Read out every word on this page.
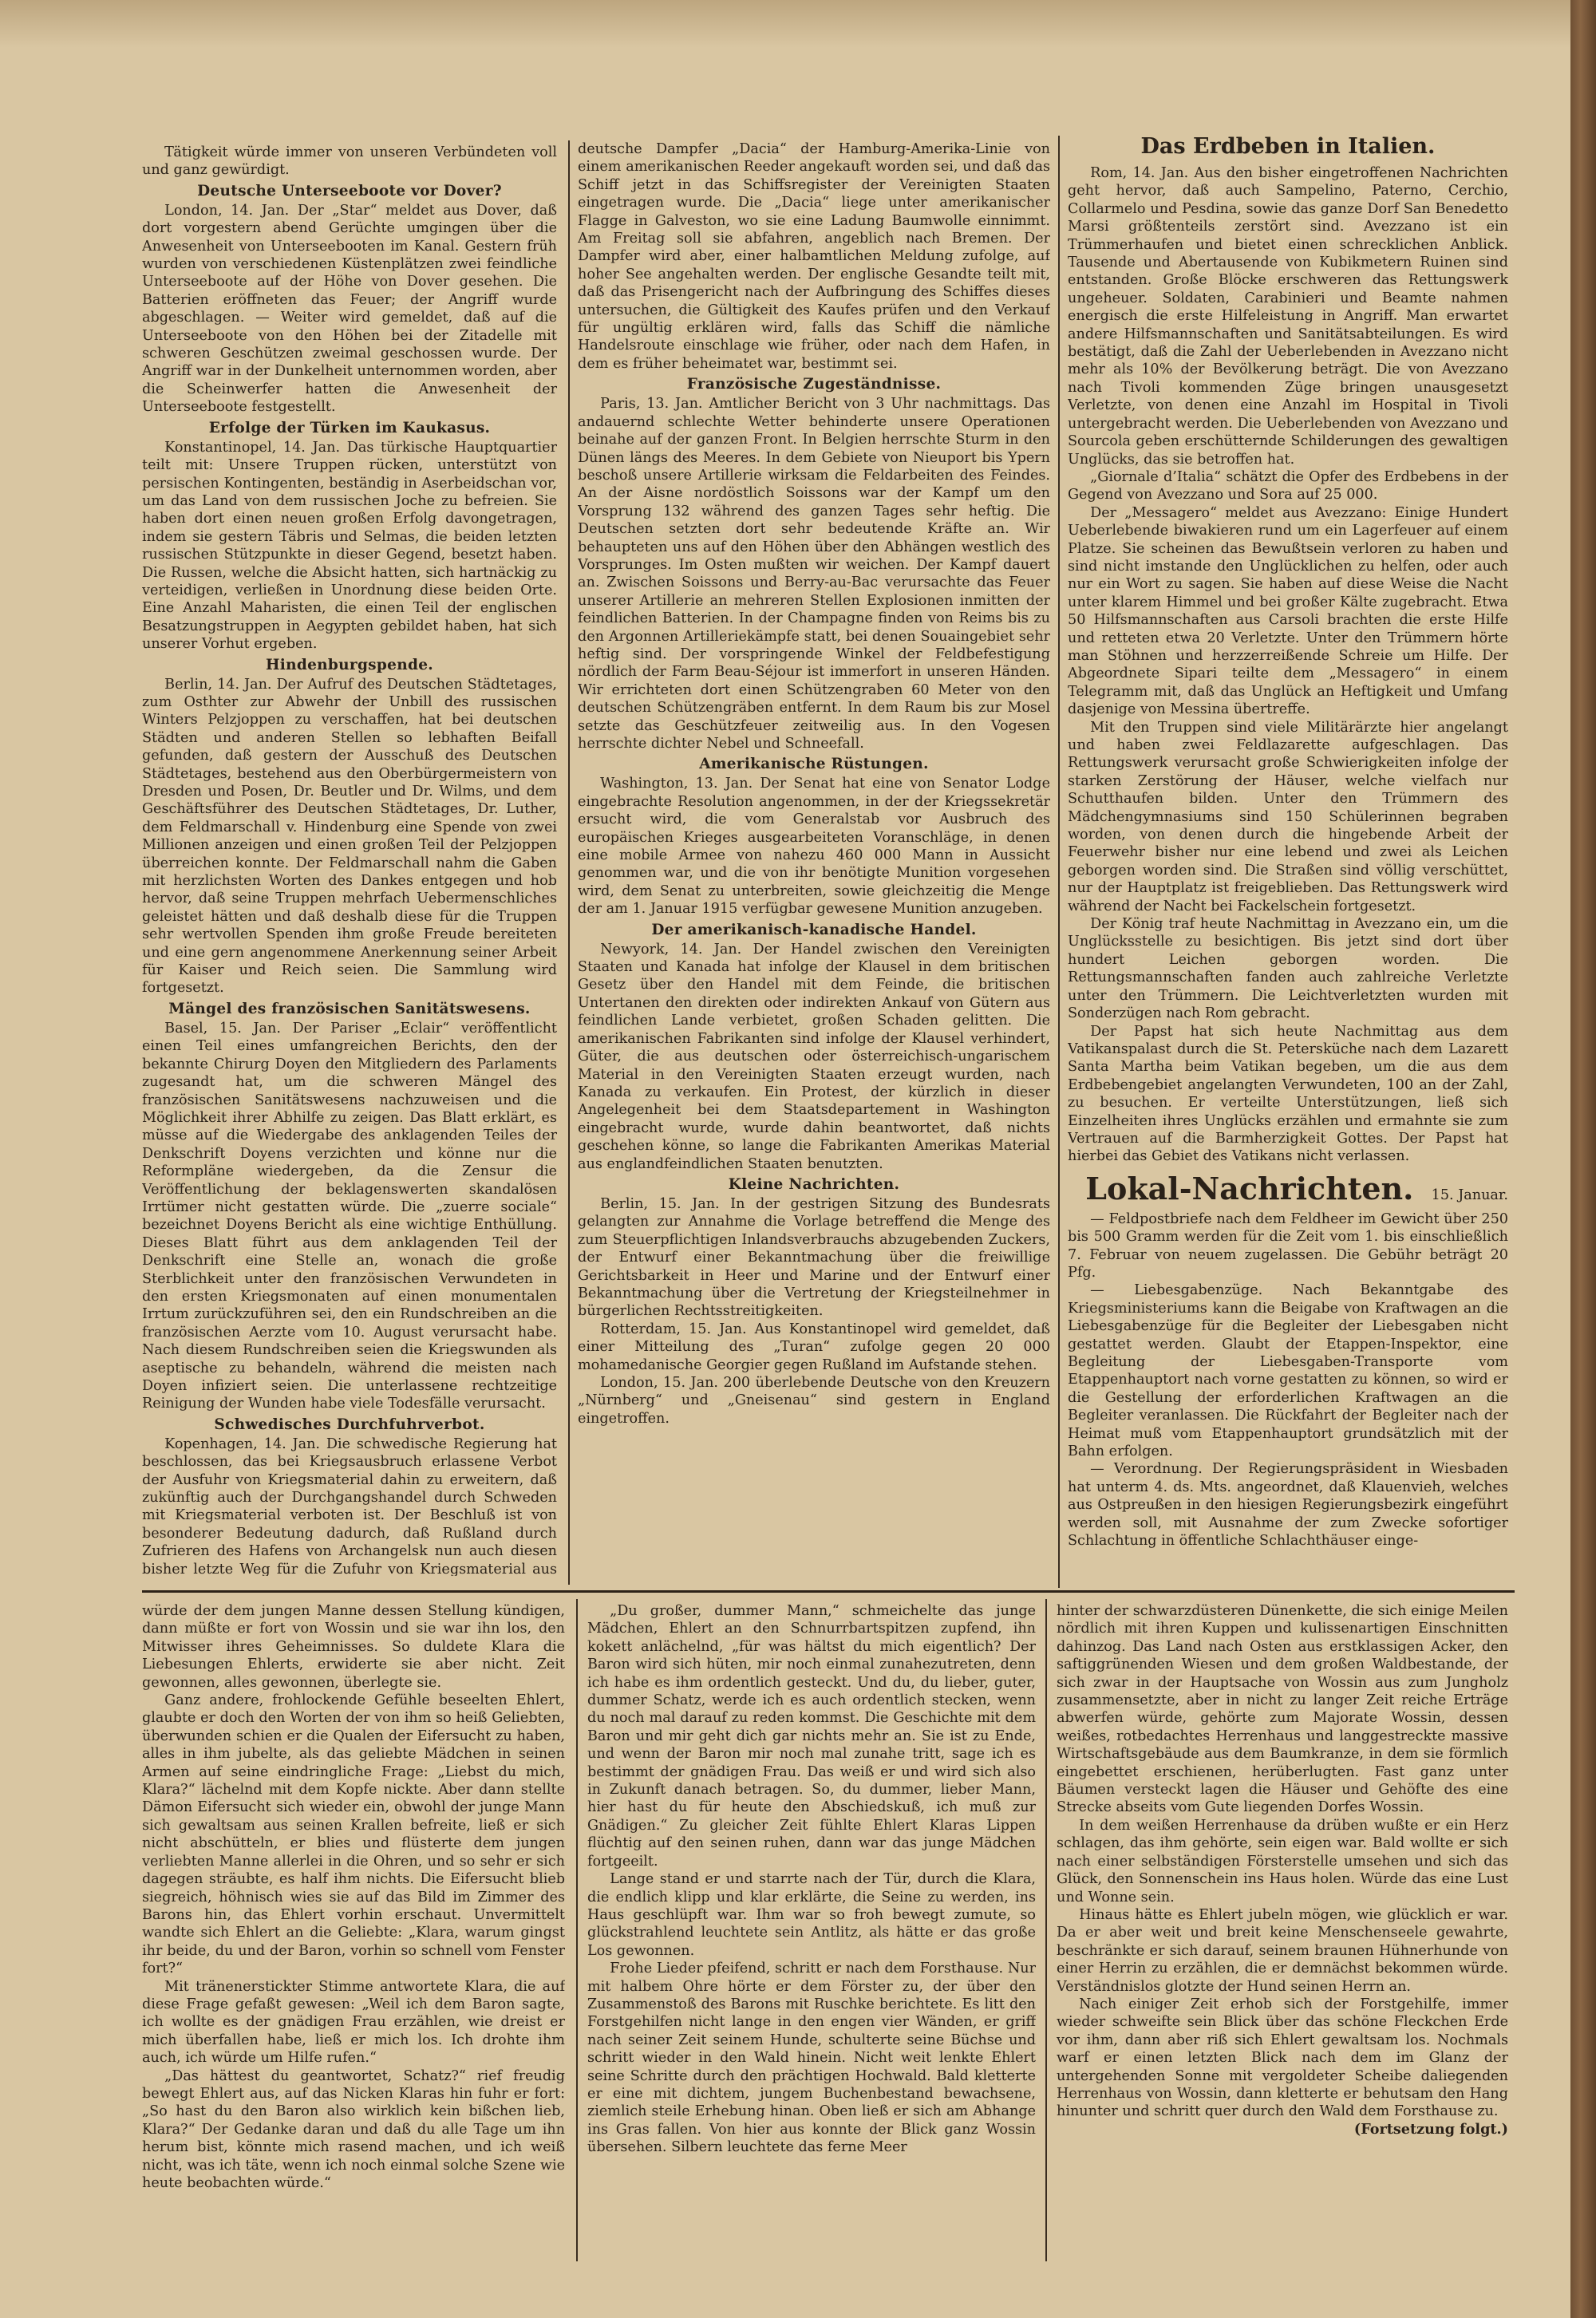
Tätigkeit würde immer von unseren Verbündeten voll und ganz gewürdigt.

Deutsche Unterseeboote vor Dover?

London, 14. Jan. Der „Star“ meldet aus Dover, daß dort vorgestern abend Gerüchte umgingen über die Anwesenheit von Unterseebooten im Kanal. Gestern früh wurden von verschiedenen Küstenplätzen zwei feindliche Unterseeboote auf der Höhe von Dover gesehen. Die Batterien eröffneten das Feuer; der Angriff wurde abgeschlagen. — Weiter wird gemeldet, daß auf die Unterseeboote von den Höhen bei der Zitadelle mit schweren Geschützen zweimal geschossen wurde. Der Angriff war in der Dunkelheit unternommen worden, aber die Scheinwerfer hatten die Anwesenheit der Unterseeboote festgestellt.

Erfolge der Türken im Kaukasus.

Konstantinopel, 14. Jan. Das türkische Hauptquartier teilt mit: Unsere Truppen rücken, unterstützt von persischen Kontingenten, beständig in Aserbeidschan vor, um das Land von dem russischen Joche zu befreien. Sie haben dort einen neuen großen Erfolg davongetragen, indem sie gestern Täbris und Selmas, die beiden letzten russischen Stützpunkte in dieser Gegend, besetzt haben. Die Russen, welche die Absicht hatten, sich hartnäckig zu verteidigen, verließen in Unordnung diese beiden Orte. Eine Anzahl Maharisten, die einen Teil der englischen Besatzungstruppen in Aegypten gebildet haben, hat sich unserer Vorhut ergeben.

Hindenburgspende.

Berlin, 14. Jan. Der Aufruf des Deutschen Städtetages, zum Osthter zur Abwehr der Unbill des russischen Winters Pelzjoppen zu verschaffen, hat bei deutschen Städten und anderen Stellen so lebhaften Beifall gefunden, daß gestern der Ausschuß des Deutschen Städtetages, bestehend aus den Oberbürgermeistern von Dresden und Posen, Dr. Beutler und Dr. Wilms, und dem Geschäftsführer des Deutschen Städtetages, Dr. Luther, dem Feldmarschall v. Hindenburg eine Spende von zwei Millionen anzeigen und einen großen Teil der Pelzjoppen überreichen konnte. Der Feldmarschall nahm die Gaben mit herzlichsten Worten des Dankes entgegen und hob hervor, daß seine Truppen mehrfach Uebermenschliches geleistet hätten und daß deshalb diese für die Truppen sehr wertvollen Spenden ihm große Freude bereiteten und eine gern angenommene Anerkennung seiner Arbeit für Kaiser und Reich seien. Die Sammlung wird fortgesetzt.

Mängel des französischen Sanitätswesens.

Basel, 15. Jan. Der Pariser „Eclair“ veröffentlicht einen Teil eines umfangreichen Berichts, den der bekannte Chirurg Doyen den Mitgliedern des Parlaments zugesandt hat, um die schweren Mängel des französischen Sanitätswesens nachzuweisen und die Möglichkeit ihrer Abhilfe zu zeigen. Das Blatt erklärt, es müsse auf die Wiedergabe des anklagenden Teiles der Denkschrift Doyens verzichten und könne nur die Reformpläne wiedergeben, da die Zensur die Veröffentlichung der beklagenswerten skandalösen Irrtümer nicht gestatten würde. Die „zuerre sociale“ bezeichnet Doyens Bericht als eine wichtige Enthüllung. Dieses Blatt führt aus dem anklagenden Teil der Denkschrift eine Stelle an, wonach die große Sterblichkeit unter den französischen Verwundeten in den ersten Kriegsmonaten auf einen monumentalen Irrtum zurückzuführen sei, den ein Rundschreiben an die französischen Aerzte vom 10. August verursacht habe. Nach diesem Rundschreiben seien die Kriegswunden als aseptische zu behandeln, während die meisten nach Doyen infiziert seien. Die unterlassene rechtzeitige Reinigung der Wunden habe viele Todesfälle verursacht.

Schwedisches Durchfuhrverbot.

Kopenhagen, 14. Jan. Die schwedische Regierung hat beschlossen, das bei Kriegsausbruch erlassene Verbot der Ausfuhr von Kriegsmaterial dahin zu erweitern, daß zukünftig auch der Durchgangshandel durch Schweden mit Kriegsmaterial verboten ist. Der Beschluß ist von besonderer Bedeutung dadurch, daß Rußland durch Zufrieren des Hafens von Archangelsk nun auch diesen bisher letzte Weg für die Zufuhr von Kriegsmaterial aus

deutsche Dampfer „Dacia“ der Hamburg-Amerika-Linie von einem amerikanischen Reeder angekauft worden sei, und daß das Schiff jetzt in das Schiffsregister der Vereinigten Staaten eingetragen wurde. Die „Dacia“ liege unter amerikanischer Flagge in Galveston, wo sie eine Ladung Baumwolle einnimmt. Am Freitag soll sie abfahren, angeblich nach Bremen. Der Dampfer wird aber, einer halbamtlichen Meldung zufolge, auf hoher See angehalten werden. Der englische Gesandte teilt mit, daß das Prisengericht nach der Aufbringung des Schiffes dieses untersuchen, die Gültigkeit des Kaufes prüfen und den Verkauf für ungültig erklären wird, falls das Schiff die nämliche Handelsroute einschlage wie früher, oder nach dem Hafen, in dem es früher beheimatet war, bestimmt sei.

Französische Zugeständnisse.

Paris, 13. Jan. Amtlicher Bericht von 3 Uhr nachmittags. Das andauernd schlechte Wetter behinderte unsere Operationen beinahe auf der ganzen Front. In Belgien herrschte Sturm in den Dünen längs des Meeres. In dem Gebiete von Nieuport bis Ypern beschoß unsere Artillerie wirksam die Feldarbeiten des Feindes. An der Aisne nordöstlich Soissons war der Kampf um den Vorsprung 132 während des ganzen Tages sehr heftig. Die Deutschen setzten dort sehr bedeutende Kräfte an. Wir behaupteten uns auf den Höhen über den Abhängen westlich des Vorsprunges. Im Osten mußten wir weichen. Der Kampf dauert an. Zwischen Soissons und Berry-au-Bac verursachte das Feuer unserer Artillerie an mehreren Stellen Explosionen inmitten der feindlichen Batterien. In der Champagne finden von Reims bis zu den Argonnen Artilleriekämpfe statt, bei denen Souaingebiet sehr heftig sind. Der vorspringende Winkel der Feldbefestigung nördlich der Farm Beau-Séjour ist immerfort in unseren Händen. Wir errichteten dort einen Schützengraben 60 Meter von den deutschen Schützengräben entfernt. In dem Raum bis zur Mosel setzte das Geschützfeuer zeitweilig aus. In den Vogesen herrschte dichter Nebel und Schneefall.

Amerikanische Rüstungen.

Washington, 13. Jan. Der Senat hat eine von Senator Lodge eingebrachte Resolution angenommen, in der der Kriegssekretär ersucht wird, die vom Generalstab vor Ausbruch des europäischen Krieges ausgearbeiteten Voranschläge, in denen eine mobile Armee von nahezu 460 000 Mann in Aussicht genommen war, und die von ihr benötigte Munition vorgesehen wird, dem Senat zu unterbreiten, sowie gleichzeitig die Menge der am 1. Januar 1915 verfügbar gewesene Munition anzugeben.

Der amerikanisch-kanadische Handel.

Newyork, 14. Jan. Der Handel zwischen den Vereinigten Staaten und Kanada hat infolge der Klausel in dem britischen Gesetz über den Handel mit dem Feinde, die britischen Untertanen den direkten oder indirekten Ankauf von Gütern aus feindlichen Lande verbietet, großen Schaden gelitten. Die amerikanischen Fabrikanten sind infolge der Klausel verhindert, Güter, die aus deutschen oder österreichisch-ungarischem Material in den Vereinigten Staaten erzeugt wurden, nach Kanada zu verkaufen. Ein Protest, der kürzlich in dieser Angelegenheit bei dem Staatsdepartement in Washington eingebracht wurde, wurde dahin beantwortet, daß nichts geschehen könne, so lange die Fabrikanten Amerikas Material aus englandfeindlichen Staaten benutzten.

Kleine Nachrichten.

Berlin, 15. Jan. In der gestrigen Sitzung des Bundesrats gelangten zur Annahme die Vorlage betreffend die Menge des zum Steuerpflichtigen Inlandsverbrauchs abzugebenden Zuckers, der Entwurf einer Bekanntmachung über die freiwillige Gerichtsbarkeit in Heer und Marine und der Entwurf einer Bekanntmachung über die Vertretung der Kriegsteilnehmer in bürgerlichen Rechtsstreitigkeiten.

Rotterdam, 15. Jan. Aus Konstantinopel wird gemeldet, daß einer Mitteilung des „Turan“ zufolge gegen 20 000 mohamedanische Georgier gegen Rußland im Aufstande stehen.

London, 15. Jan. 200 überlebende Deutsche von den Kreuzern „Nürnberg“ und „Gneisenau“ sind gestern in England eingetroffen.

Das Erdbeben in Italien.

Rom, 14. Jan. Aus den bisher eingetroffenen Nachrichten geht hervor, daß auch Sampelino, Paterno, Cerchio, Collarmelo und Pesdina, sowie das ganze Dorf San Benedetto Marsi größtenteils zerstört sind. Avezzano ist ein Trümmerhaufen und bietet einen schrecklichen Anblick. Tausende und Abertausende von Kubikmetern Ruinen sind entstanden. Große Blöcke erschweren das Rettungswerk ungeheuer. Soldaten, Carabinieri und Beamte nahmen energisch die erste Hilfeleistung in Angriff. Man erwartet andere Hilfsmannschaften und Sanitätsabteilungen. Es wird bestätigt, daß die Zahl der Ueberlebenden in Avezzano nicht mehr als 10% der Bevölkerung beträgt. Die von Avezzano nach Tivoli kommenden Züge bringen unausgesetzt Verletzte, von denen eine Anzahl im Hospital in Tivoli untergebracht werden. Die Ueberlebenden von Avezzano und Sourcola geben erschütternde Schilderungen des gewaltigen Unglücks, das sie betroffen hat.

„Giornale d’Italia“ schätzt die Opfer des Erdbebens in der Gegend von Avezzano und Sora auf 25 000.

Der „Messagero“ meldet aus Avezzano: Einige Hundert Ueberlebende biwakieren rund um ein Lagerfeuer auf einem Platze. Sie scheinen das Bewußtsein verloren zu haben und sind nicht imstande den Unglücklichen zu helfen, oder auch nur ein Wort zu sagen. Sie haben auf diese Weise die Nacht unter klarem Himmel und bei großer Kälte zugebracht. Etwa 50 Hilfsmannschaften aus Carsoli brachten die erste Hilfe und retteten etwa 20 Verletzte. Unter den Trümmern hörte man Stöhnen und herzzerreißende Schreie um Hilfe. Der Abgeordnete Sipari teilte dem „Messagero“ in einem Telegramm mit, daß das Unglück an Heftigkeit und Umfang dasjenige von Messina übertreffe.

Mit den Truppen sind viele Militärärzte hier angelangt und haben zwei Feldlazarette aufgeschlagen. Das Rettungswerk verursacht große Schwierigkeiten infolge der starken Zerstörung der Häuser, welche vielfach nur Schutthaufen bilden. Unter den Trümmern des Mädchengymnasiums sind 150 Schülerinnen begraben worden, von denen durch die hingebende Arbeit der Feuerwehr bisher nur eine lebend und zwei als Leichen geborgen worden sind. Die Straßen sind völlig verschüttet, nur der Hauptplatz ist freigeblieben. Das Rettungswerk wird während der Nacht bei Fackelschein fortgesetzt.

Der König traf heute Nachmittag in Avezzano ein, um die Unglücksstelle zu besichtigen. Bis jetzt sind dort über hundert Leichen geborgen worden. Die Rettungsmannschaften fanden auch zahlreiche Verletzte unter den Trümmern. Die Leichtverletzten wurden mit Sonderzügen nach Rom gebracht.

Der Papst hat sich heute Nachmittag aus dem Vatikanspalast durch die St. Petersküche nach dem Lazarett Santa Martha beim Vatikan begeben, um die aus dem Erdbebengebiet angelangten Verwundeten, 100 an der Zahl, zu besuchen. Er verteilte Unterstützungen, ließ sich Einzelheiten ihres Unglücks erzählen und ermahnte sie zum Vertrauen auf die Barmherzigkeit Gottes. Der Papst hat hierbei das Gebiet des Vatikans nicht verlassen.

Lokal-Nachrichten.	15. Januar.

— Feldpostbriefe nach dem Feldheer im Gewicht über 250 bis 500 Gramm werden für die Zeit vom 1. bis einschließlich 7. Februar von neuem zugelassen. Die Gebühr beträgt 20 Pfg.

— Liebesgabenzüge. Nach Bekanntgabe des Kriegsministeriums kann die Beigabe von Kraftwagen an die Liebesgabenzüge für die Begleiter der Liebesgaben nicht gestattet werden. Glaubt der Etappen-Inspektor, eine Begleitung der Liebesgaben-Transporte vom Etappenhauptort nach vorne gestatten zu können, so wird er die Gestellung der erforderlichen Kraftwagen an die Begleiter veranlassen. Die Rückfahrt der Begleiter nach der Heimat muß vom Etappenhauptort grundsätzlich mit der Bahn erfolgen.

— Verordnung. Der Regierungspräsident in Wiesbaden hat unterm 4. ds. Mts. angeordnet, daß Klauenvieh, welches aus Ostpreußen in den hiesigen Regierungsbezirk eingeführt werden soll, mit Ausnahme der zum Zwecke sofortiger Schlachtung in öffentliche Schlachthäuser einge-

würde der dem jungen Manne dessen Stellung kündigen, dann müßte er fort von Wossin und sie war ihn los, den Mitwisser ihres Geheimnisses. So duldete Klara die Liebesungen Ehlerts, erwiderte sie aber nicht. Zeit gewonnen, alles gewonnen, überlegte sie.

Ganz andere, frohlockende Gefühle beseelten Ehlert, glaubte er doch den Worten der von ihm so heiß Geliebten, überwunden schien er die Qualen der Eifersucht zu haben, alles in ihm jubelte, als das geliebte Mädchen in seinen Armen auf seine eindringliche Frage: „Liebst du mich, Klara?“ lächelnd mit dem Kopfe nickte. Aber dann stellte Dämon Eifersucht sich wieder ein, obwohl der junge Mann sich gewaltsam aus seinen Krallen befreite, ließ er sich nicht abschütteln, er blies und flüsterte dem jungen verliebten Manne allerlei in die Ohren, und so sehr er sich dagegen sträubte, es half ihm nichts. Die Eifersucht blieb siegreich, höhnisch wies sie auf das Bild im Zimmer des Barons hin, das Ehlert vorhin erschaut. Unvermittelt wandte sich Ehlert an die Geliebte: „Klara, warum gingst ihr beide, du und der Baron, vorhin so schnell vom Fenster fort?“

Mit tränenerstickter Stimme antwortete Klara, die auf diese Frage gefaßt gewesen: „Weil ich dem Baron sagte, ich wollte es der gnädigen Frau erzählen, wie dreist er mich überfallen habe, ließ er mich los. Ich drohte ihm auch, ich würde um Hilfe rufen.“

„Das hättest du geantwortet, Schatz?“ rief freudig bewegt Ehlert aus, auf das Nicken Klaras hin fuhr er fort: „So hast du den Baron also wirklich kein bißchen lieb, Klara?“ Der Gedanke daran und daß du alle Tage um ihn herum bist, könnte mich rasend machen, und ich weiß nicht, was ich täte, wenn ich noch einmal solche Szene wie heute beobachten würde.“

„Du großer, dummer Mann,“ schmeichelte das junge Mädchen, Ehlert an den Schnurrbartspitzen zupfend, ihn kokett anlächelnd, „für was hältst du mich eigentlich? Der Baron wird sich hüten, mir noch einmal zunahezutreten, denn ich habe es ihm ordentlich gesteckt. Und du, du lieber, guter, dummer Schatz, werde ich es auch ordentlich stecken, wenn du noch mal darauf zu reden kommst. Die Geschichte mit dem Baron und mir geht dich gar nichts mehr an. Sie ist zu Ende, und wenn der Baron mir noch mal zunahe tritt, sage ich es bestimmt der gnädigen Frau. Das weiß er und wird sich also in Zukunft danach betragen. So, du dummer, lieber Mann, hier hast du für heute den Abschiedskuß, ich muß zur Gnädigen.“ Zu gleicher Zeit fühlte Ehlert Klaras Lippen flüchtig auf den seinen ruhen, dann war das junge Mädchen fortgeeilt.

Lange stand er und starrte nach der Tür, durch die Klara, die endlich klipp und klar erklärte, die Seine zu werden, ins Haus geschlüpft war. Ihm war so froh bewegt zumute, so glückstrahlend leuchtete sein Antlitz, als hätte er das große Los gewonnen.

Frohe Lieder pfeifend, schritt er nach dem Forsthause. Nur mit halbem Ohre hörte er dem Förster zu, der über den Zusammenstoß des Barons mit Ruschke berichtete. Es litt den Forstgehilfen nicht lange in den engen vier Wänden, er griff nach seiner Zeit seinem Hunde, schulterte seine Büchse und schritt wieder in den Wald hinein. Nicht weit lenkte Ehlert seine Schritte durch den prächtigen Hochwald. Bald kletterte er eine mit dichtem, jungem Buchenbestand bewachsene, ziemlich steile Erhebung hinan. Oben ließ er sich am Abhange ins Gras fallen. Von hier aus konnte der Blick ganz Wossin übersehen. Silbern leuchtete das ferne Meer

hinter der schwarzdüsteren Dünenkette, die sich einige Meilen nördlich mit ihren Kuppen und kulissenartigen Einschnitten dahinzog. Das Land nach Osten aus erstklassigen Acker, den saftiggrünenden Wiesen und dem großen Waldbestande, der sich zwar in der Hauptsache von Wossin aus zum Jungholz zusammensetzte, aber in nicht zu langer Zeit reiche Erträge abwerfen würde, gehörte zum Majorate Wossin, dessen weißes, rotbedachtes Herrenhaus und langgestreckte massive Wirtschaftsgebäude aus dem Baumkranze, in dem sie förmlich eingebettet erschienen, herüberlugten. Fast ganz unter Bäumen versteckt lagen die Häuser und Gehöfte des eine Strecke abseits vom Gute liegenden Dorfes Wossin.

In dem weißen Herrenhause da drüben wußte er ein Herz schlagen, das ihm gehörte, sein eigen war. Bald wollte er sich nach einer selbständigen Försterstelle umsehen und sich das Glück, den Sonnenschein ins Haus holen. Würde das eine Lust und Wonne sein.

Hinaus hätte es Ehlert jubeln mögen, wie glücklich er war. Da er aber weit und breit keine Menschenseele gewahrte, beschränkte er sich darauf, seinem braunen Hühnerhunde von einer Herrin zu erzählen, die er demnächst bekommen würde. Verständnislos glotzte der Hund seinen Herrn an.

Nach einiger Zeit erhob sich der Forstgehilfe, immer wieder schweifte sein Blick über das schöne Fleckchen Erde vor ihm, dann aber riß sich Ehlert gewaltsam los. Nochmals warf er einen letzten Blick nach dem im Glanz der untergehenden Sonne mit vergoldeter Scheibe daliegenden Herrenhaus von Wossin, dann kletterte er behutsam den Hang hinunter und schritt quer durch den Wald dem Forsthause zu.

(Fortsetzung folgt.)
